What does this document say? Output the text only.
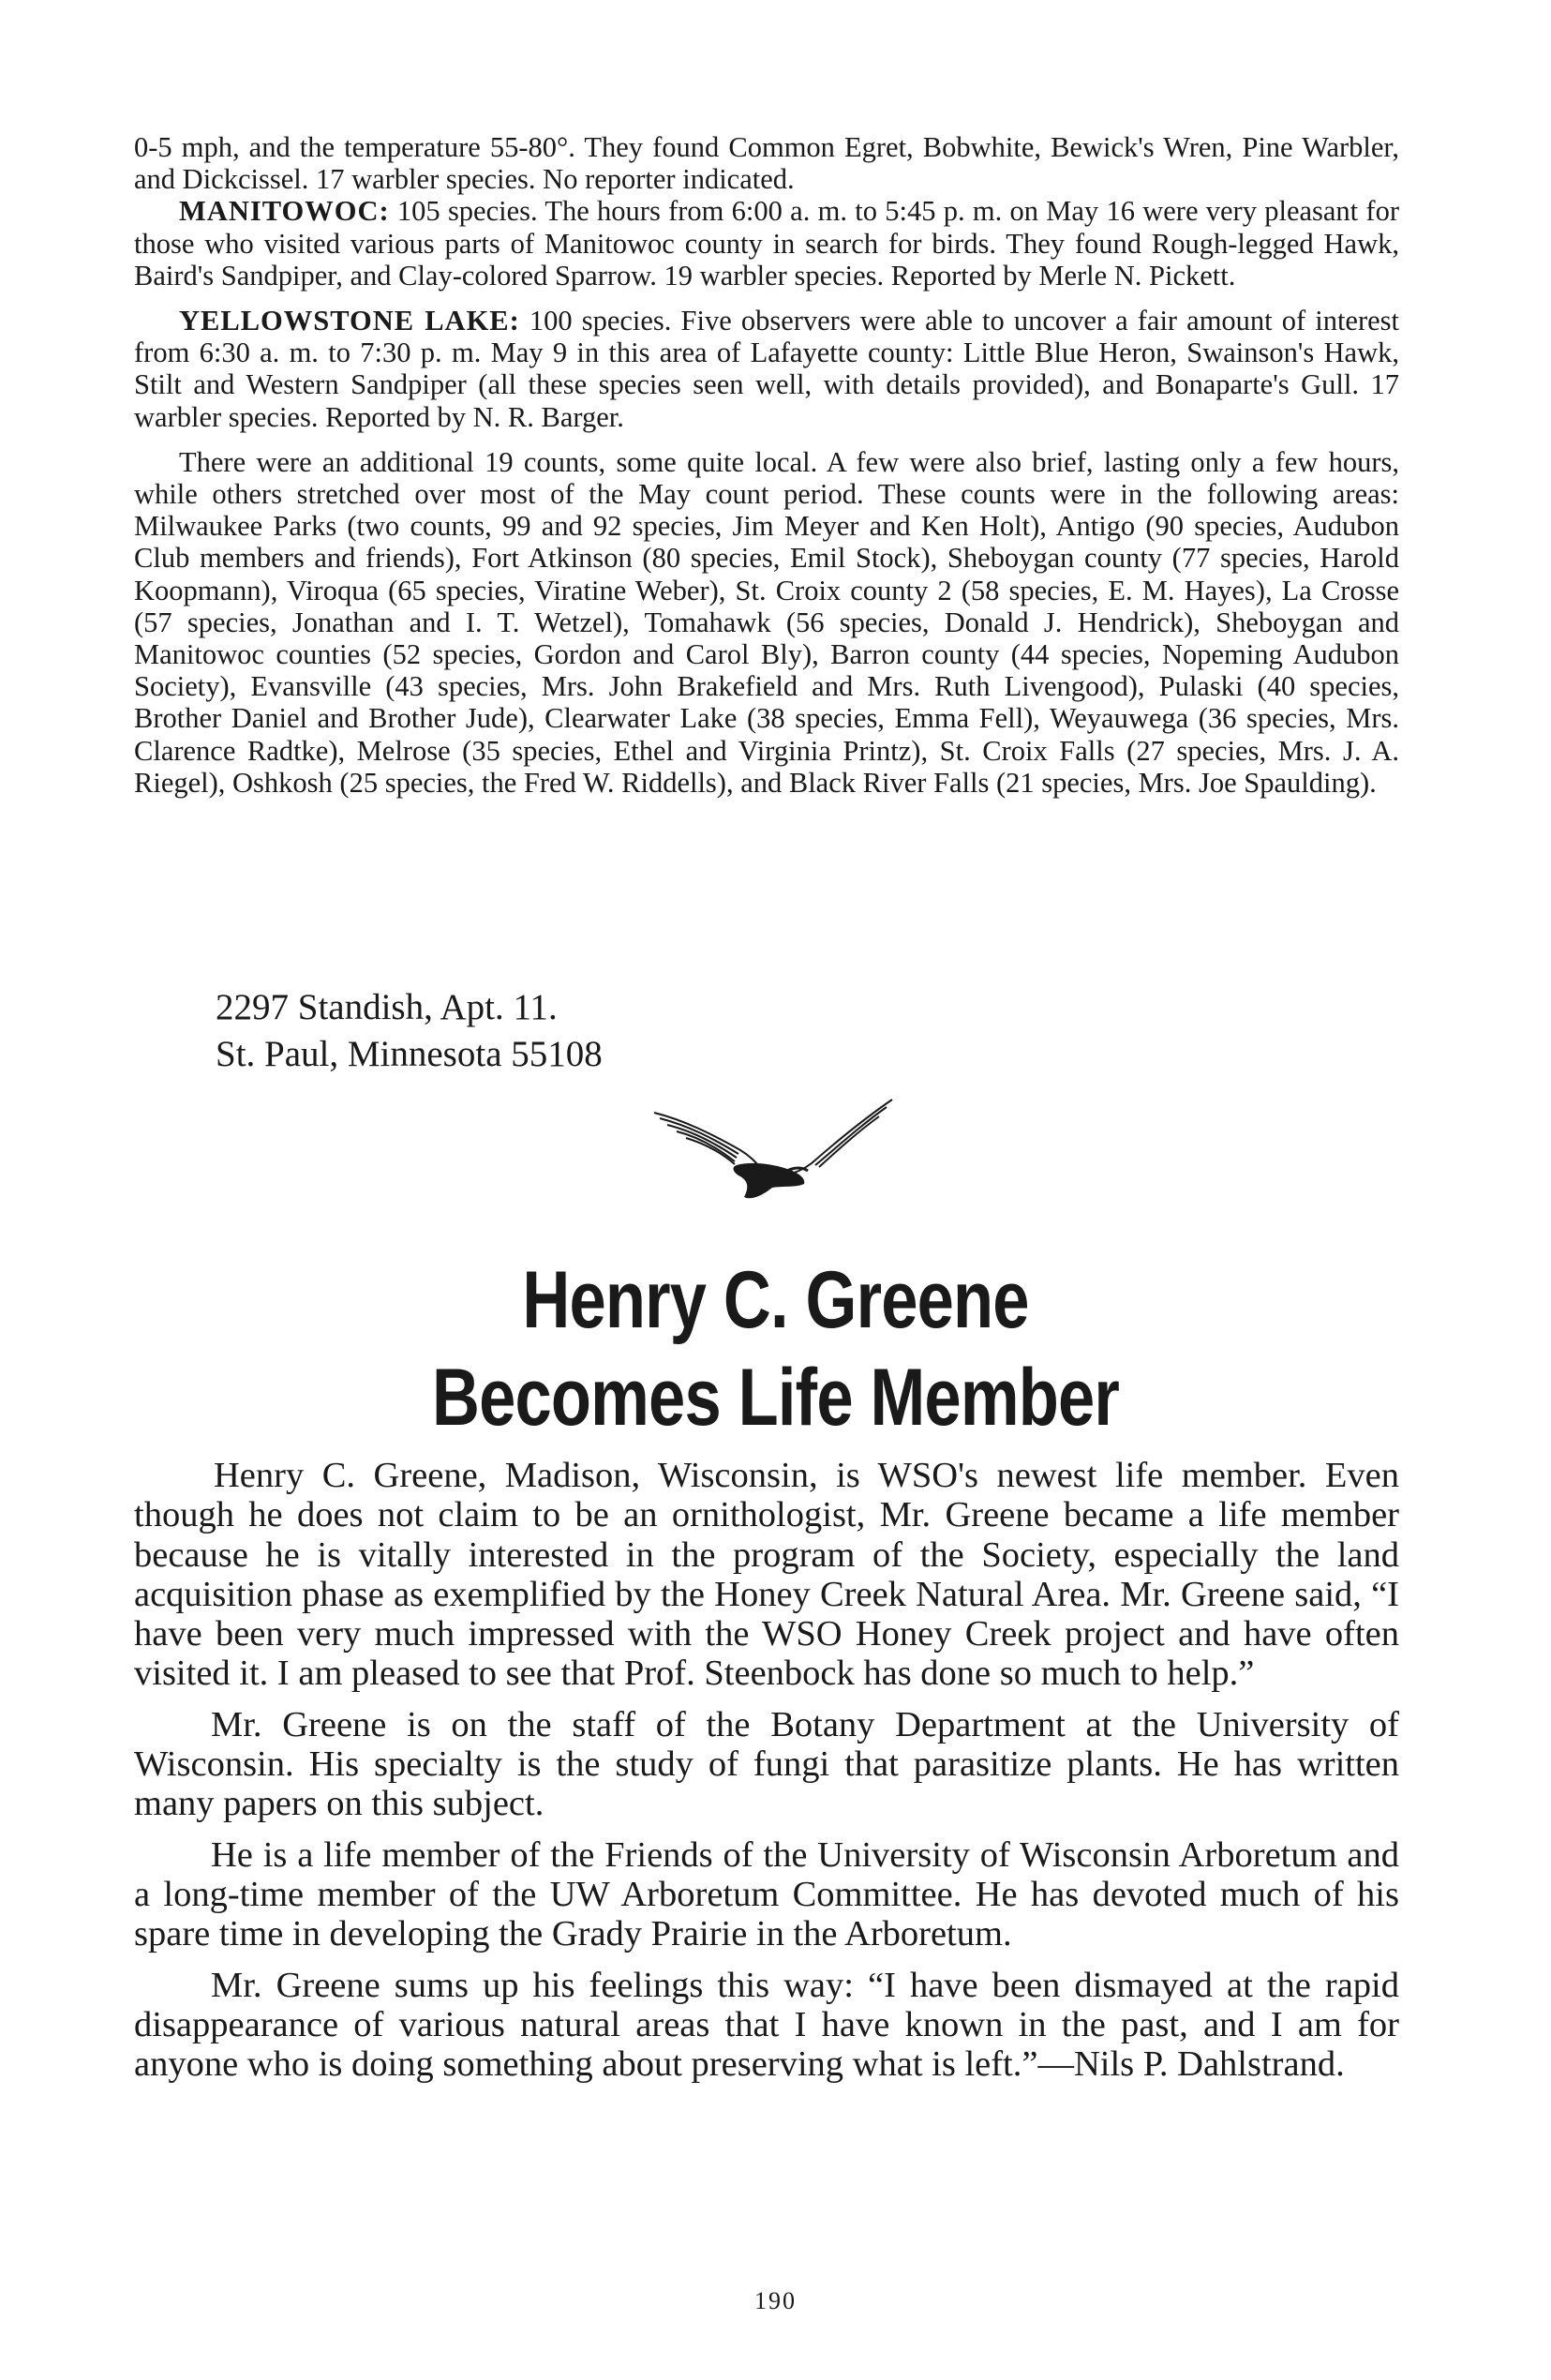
0-5 mph, and the temperature 55-80°. They found Common Egret, Bobwhite, Bewick's Wren, Pine Warbler, and Dickcissel. 17 warbler species. No reporter indicated.

MANITOWOC: 105 species. The hours from 6:00 a. m. to 5:45 p. m. on May 16 were very pleasant for those who visited various parts of Manitowoc county in search for birds. They found Rough-legged Hawk, Baird's Sandpiper, and Clay-colored Sparrow. 19 warbler species. Reported by Merle N. Pickett.

YELLOWSTONE LAKE: 100 species. Five observers were able to uncover a fair amount of interest from 6:30 a. m. to 7:30 p. m. May 9 in this area of Lafayette county: Little Blue Heron, Swainson's Hawk, Stilt and Western Sandpiper (all these species seen well, with details provided), and Bonaparte's Gull. 17 warbler species. Reported by N. R. Barger.

There were an additional 19 counts, some quite local. A few were also brief, lasting only a few hours, while others stretched over most of the May count period. These counts were in the following areas: Milwaukee Parks (two counts, 99 and 92 species, Jim Meyer and Ken Holt), Antigo (90 species, Audubon Club members and friends), Fort Atkinson (80 species, Emil Stock), Sheboygan county (77 species, Harold Koopmann), Viroqua (65 species, Viratine Weber), St. Croix county 2 (58 species, E. M. Hayes), La Crosse (57 species, Jonathan and I. T. Wetzel), Tomahawk (56 species, Donald J. Hendrick), Sheboygan and Manitowoc counties (52 species, Gordon and Carol Bly), Barron county (44 species, Nopeming Audubon Society), Evansville (43 species, Mrs. John Brakefield and Mrs. Ruth Livengood), Pulaski (40 species, Brother Daniel and Brother Jude), Clearwater Lake (38 species, Emma Fell), Weyauwega (36 species, Mrs. Clarence Radtke), Melrose (35 species, Ethel and Virginia Printz), St. Croix Falls (27 species, Mrs. J. A. Riegel), Oshkosh (25 species, the Fred W. Riddells), and Black River Falls (21 species, Mrs. Joe Spaulding).

2297 Standish, Apt. 11.
St. Paul, Minnesota 55108
Henry C. Greene
Becomes Life Member

Henry C. Greene, Madison, Wisconsin, is WSO's newest life member. Even though he does not claim to be an ornithologist, Mr. Greene became a life member because he is vitally interested in the program of the Society, especially the land acquisition phase as exemplified by the Honey Creek Natural Area. Mr. Greene said, “I have been very much impressed with the WSO Honey Creek project and have often visited it. I am pleased to see that Prof. Steenbock has done so much to help.”

Mr. Greene is on the staff of the Botany Department at the University of Wisconsin. His specialty is the study of fungi that parasitize plants. He has written many papers on this subject.

He is a life member of the Friends of the University of Wisconsin Arboretum and a long-time member of the UW Arboretum Committee. He has devoted much of his spare time in developing the Grady Prairie in the Arboretum.

Mr. Greene sums up his feelings this way: “I have been dismayed at the rapid disappearance of various natural areas that I have known in the past, and I am for anyone who is doing something about preserving what is left.”—Nils P. Dahlstrand.

190
